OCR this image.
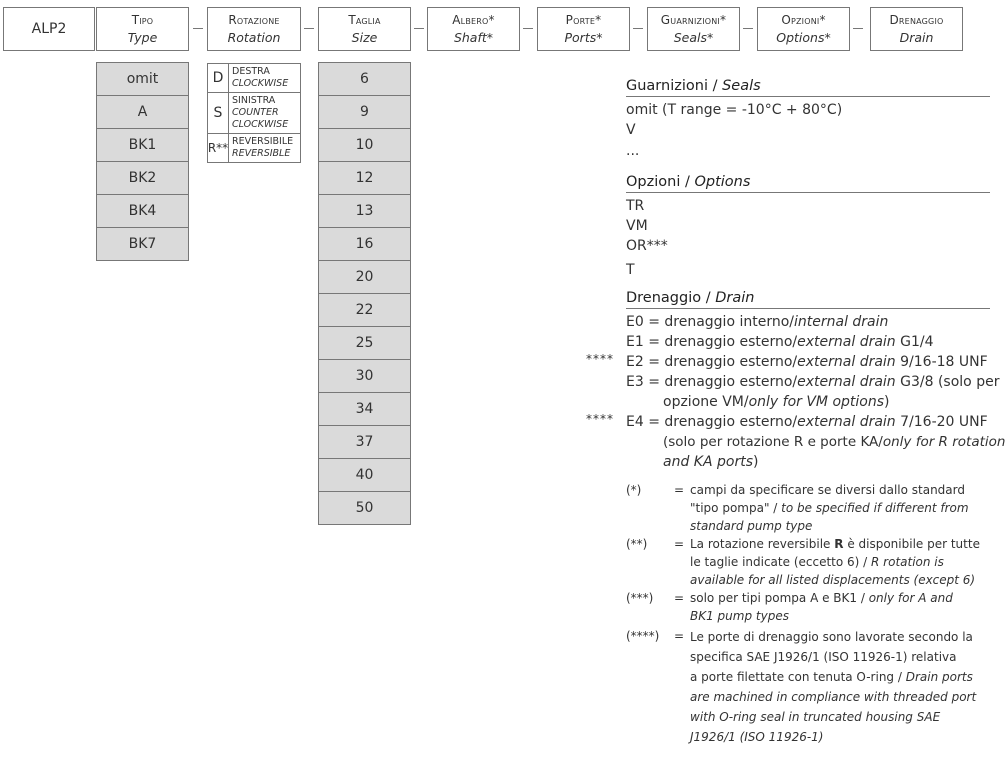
ALP2
Tipo
Type
Rotazione
Rotation
Taglia
Size
Albero*
Shaft*
Porte*
Ports*
Guarnizioni*
Seals*
Opzioni*
Options*
Drenaggio
Drain
omit
A
BK1
BK2
BK4
BK7
D DESTRA
CLOCKWISE
S
SINISTRA
COUNTER CLOCKWISE
R** REVERSIBILE
REVERSIBLE
6
9
10
12
13
16
20
22
25
30
34
37
40
50
Guarnizioni / Seals
omit (T range = -10°C + 80°C)
V
...
Opzioni / Options
TR
VM
OR***
T
Drenaggio / Drain
E0 = drenaggio interno/internal drain
E1 = drenaggio esterno/external drain G1/4
**** E2 = drenaggio esterno/external drain 9/16-18 UNF
E3 = drenaggio esterno/external drain G3/8 (solo per
opzione VM/only for VM options)
**** E4 = drenaggio esterno/external drain 7/16-20 UNF
(solo per rotazione R e porte KA/only for R rotation
and KA ports)
(*)	= campi da specificare se diversi dallo standard
"tipo pompa" / to be specified if different from
standard pump type
(**) = La rotazione reversibile R è disponibile per tutte
le taglie indicate (eccetto 6) / R rotation is
available for all listed displacements (except 6)
(***) = solo per tipi pompa A e BK1 / only for A and
BK1 pump types
(****) = Le porte di drenaggio sono lavorate secondo la
specifica SAE J1926/1 (ISO 11926-1) relativa
a porte filettate con tenuta O-ring / Drain ports
are machined in compliance with threaded port
with O-ring seal in truncated housing SAE
J1926/1 (ISO 11926-1)
